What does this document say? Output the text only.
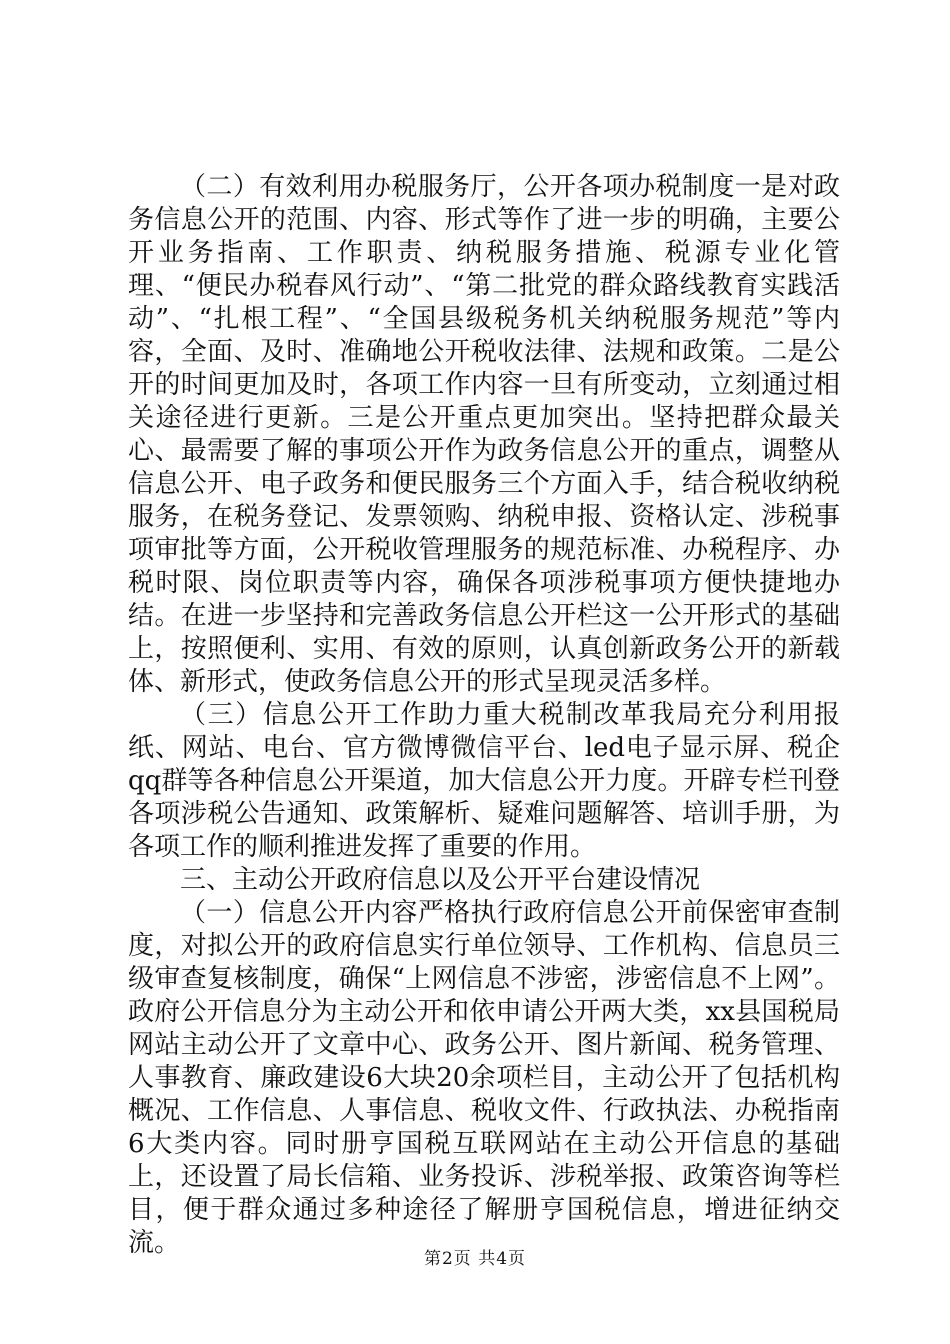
（二）有效利用办税服务厅，公开各项办税制度一是对政务信息公开的范围、内容、形式等作了进一步的明确，主要公开业务指南、工作职责、纳税服务措施、税源专业化管理、“便民办税春风行动”、“第二批党的群众路线教育实践活动”、“扎根工程”、“全国县级税务机关纳税服务规范”等内容，全面、及时、准确地公开税收法律、法规和政策。二是公开的时间更加及时，各项工作内容一旦有所变动，立刻通过相关途径进行更新。三是公开重点更加突出。坚持把群众最关心、最需要了解的事项公开作为政务信息公开的重点，调整从信息公开、电子政务和便民服务三个方面入手，结合税收纳税服务，在税务登记、发票领购、纳税申报、资格认定、涉税事项审批等方面，公开税收管理服务的规范标准、办税程序、办税时限、岗位职责等内容，确保各项涉税事项方便快捷地办结。在进一步坚持和完善政务信息公开栏这一公开形式的基础上，按照便利、实用、有效的原则，认真创新政务公开的新载体、新形式，使政务信息公开的形式呈现灵活多样。

（三）信息公开工作助力重大税制改革我局充分利用报纸、网站、电台、官方微博微信平台、led电子显示屏、税企qq群等各种信息公开渠道，加大信息公开力度。开辟专栏刊登各项涉税公告通知、政策解析、疑难问题解答、培训手册，为各项工作的顺利推进发挥了重要的作用。

三、主动公开政府信息以及公开平台建设情况

（一）信息公开内容严格执行政府信息公开前保密审查制度，对拟公开的政府信息实行单位领导、工作机构、信息员三级审查复核制度，确保“上网信息不涉密，涉密信息不上网”。政府公开信息分为主动公开和依申请公开两大类，xx县国税局网站主动公开了文章中心、政务公开、图片新闻、税务管理、人事教育、廉政建设6大块20余项栏目，主动公开了包括机构概况、工作信息、人事信息、税收文件、行政执法、办税指南6大类内容。同时册亨国税互联网站在主动公开信息的基础上，还设置了局长信箱、业务投诉、涉税举报、政策咨询等栏目，便于群众通过多种途径了解册亨国税信息，增进征纳交流。

第2页 共4页
